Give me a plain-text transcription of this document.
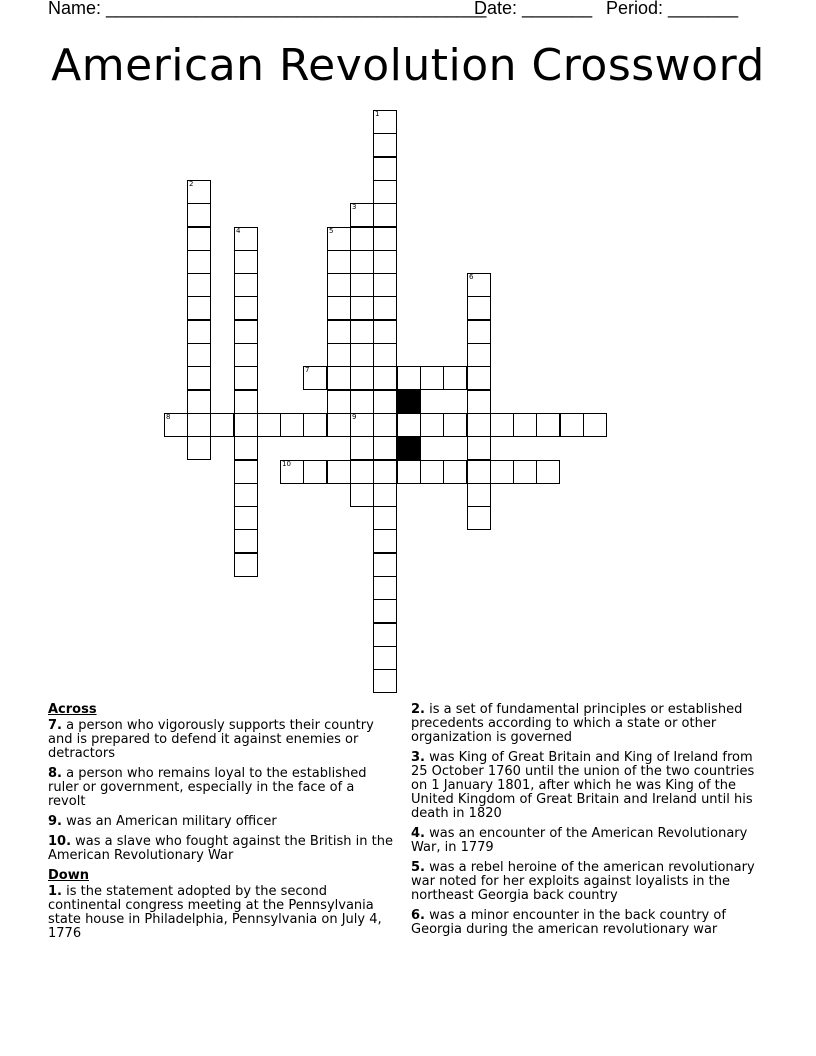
Name: ______________________________________
Date: _______ Period: _______
American Revolution Crossword
1
2
3
9
4	5
6
7
8
10
Across
7. a person who vigorously supports their country and is prepared to defend it against enemies or detractors
8. a person who remains loyal to the established ruler or government, especially in the face of a revolt
9. was an American military officer
10. was a slave who fought against the British in the American Revolutionary War
Down
1. is the statement adopted by the second continental congress meeting at the Pennsylvania state house in Philadelphia, Pennsylvania on July 4, 1776
2. is a set of fundamental principles or established precedents according to which a state or other organization is governed
3. was King of Great Britain and King of Ireland from 25 October 1760 until the union of the two countries on 1 January 1801, after which he was King of the United Kingdom of Great Britain and Ireland until his death in 1820
4. was an encounter of the American Revolutionary War, in 1779
5. was a rebel heroine of the american revolutionary war noted for her exploits against loyalists in the northeast Georgia back country
6. was a minor encounter in the back country of Georgia during the american revolutionary war
